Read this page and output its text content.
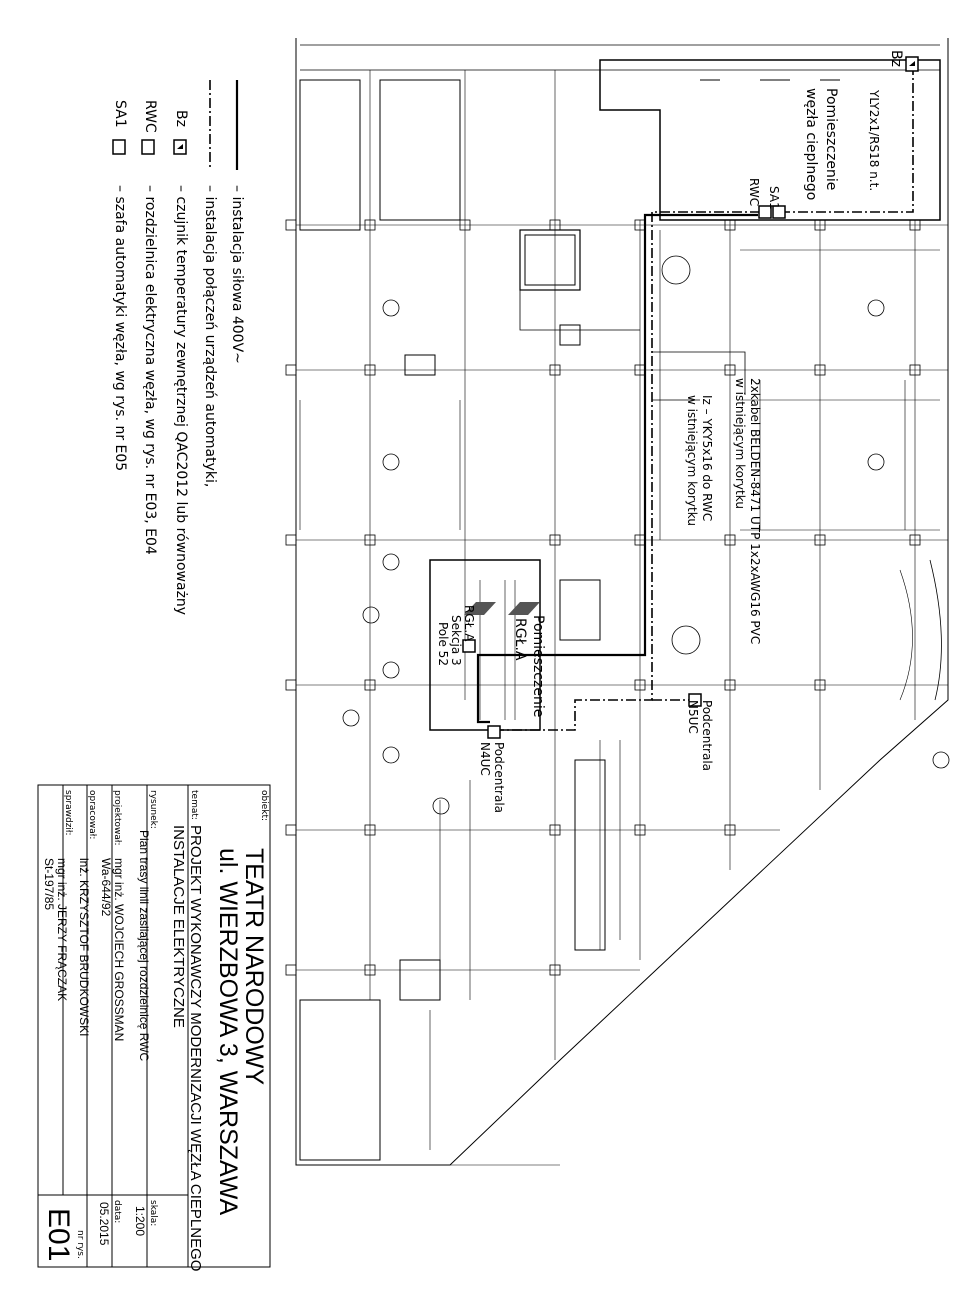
– instalacja siłowa 400V~
– instalacja połączeń urządzeń automatyki,
Bz
– czujnik temperatury zewnętrznej QAC2012 lub równoważny
RWC
– rozdzielnica elektryczna węzła, wg rys. nr E03, E04
SA1
– szafa automatyki węzła, wg rys. nr E05
Bz
Pomieszczenie
węzła cieplnego	YLY2x1/RS18 n.t.
SA1
RWC
2xkabel BELDEN-8471 UTP 1x2xAWG16 PVC
w istniejącym korytku
Iz – YKY5x16 do RWC
w istniejącym korytku
Pomieszczenie
RGŁ.A
RGŁ.A
Sekcja 3
Pole 52
Podcentrala
N5UC
Podcentrala
N4UC
obiekt:
TEATR NARODOWY
ul. WIERZBOWA 3, WARSZAWA
temat:
PROJEKT WYKONAWCZY MODERNIZACJI WĘZŁA CIEPLNEGO
INSTALACJE ELEKTRYCZNE
rysunek:
Plan trasy linii zasilającej rozdzielnicę RWC
projektował:
mgr inż. WOJCIECH GROSSMAN
Wa-644/92
opracował:
inż. KRZYSZTOF BRUDKOWSKI
sprawdził:
mgr inż. JERZY FRĄCZAK
St-197/85
skala:
1:200
data:
05.2015
nr rys.
E01
